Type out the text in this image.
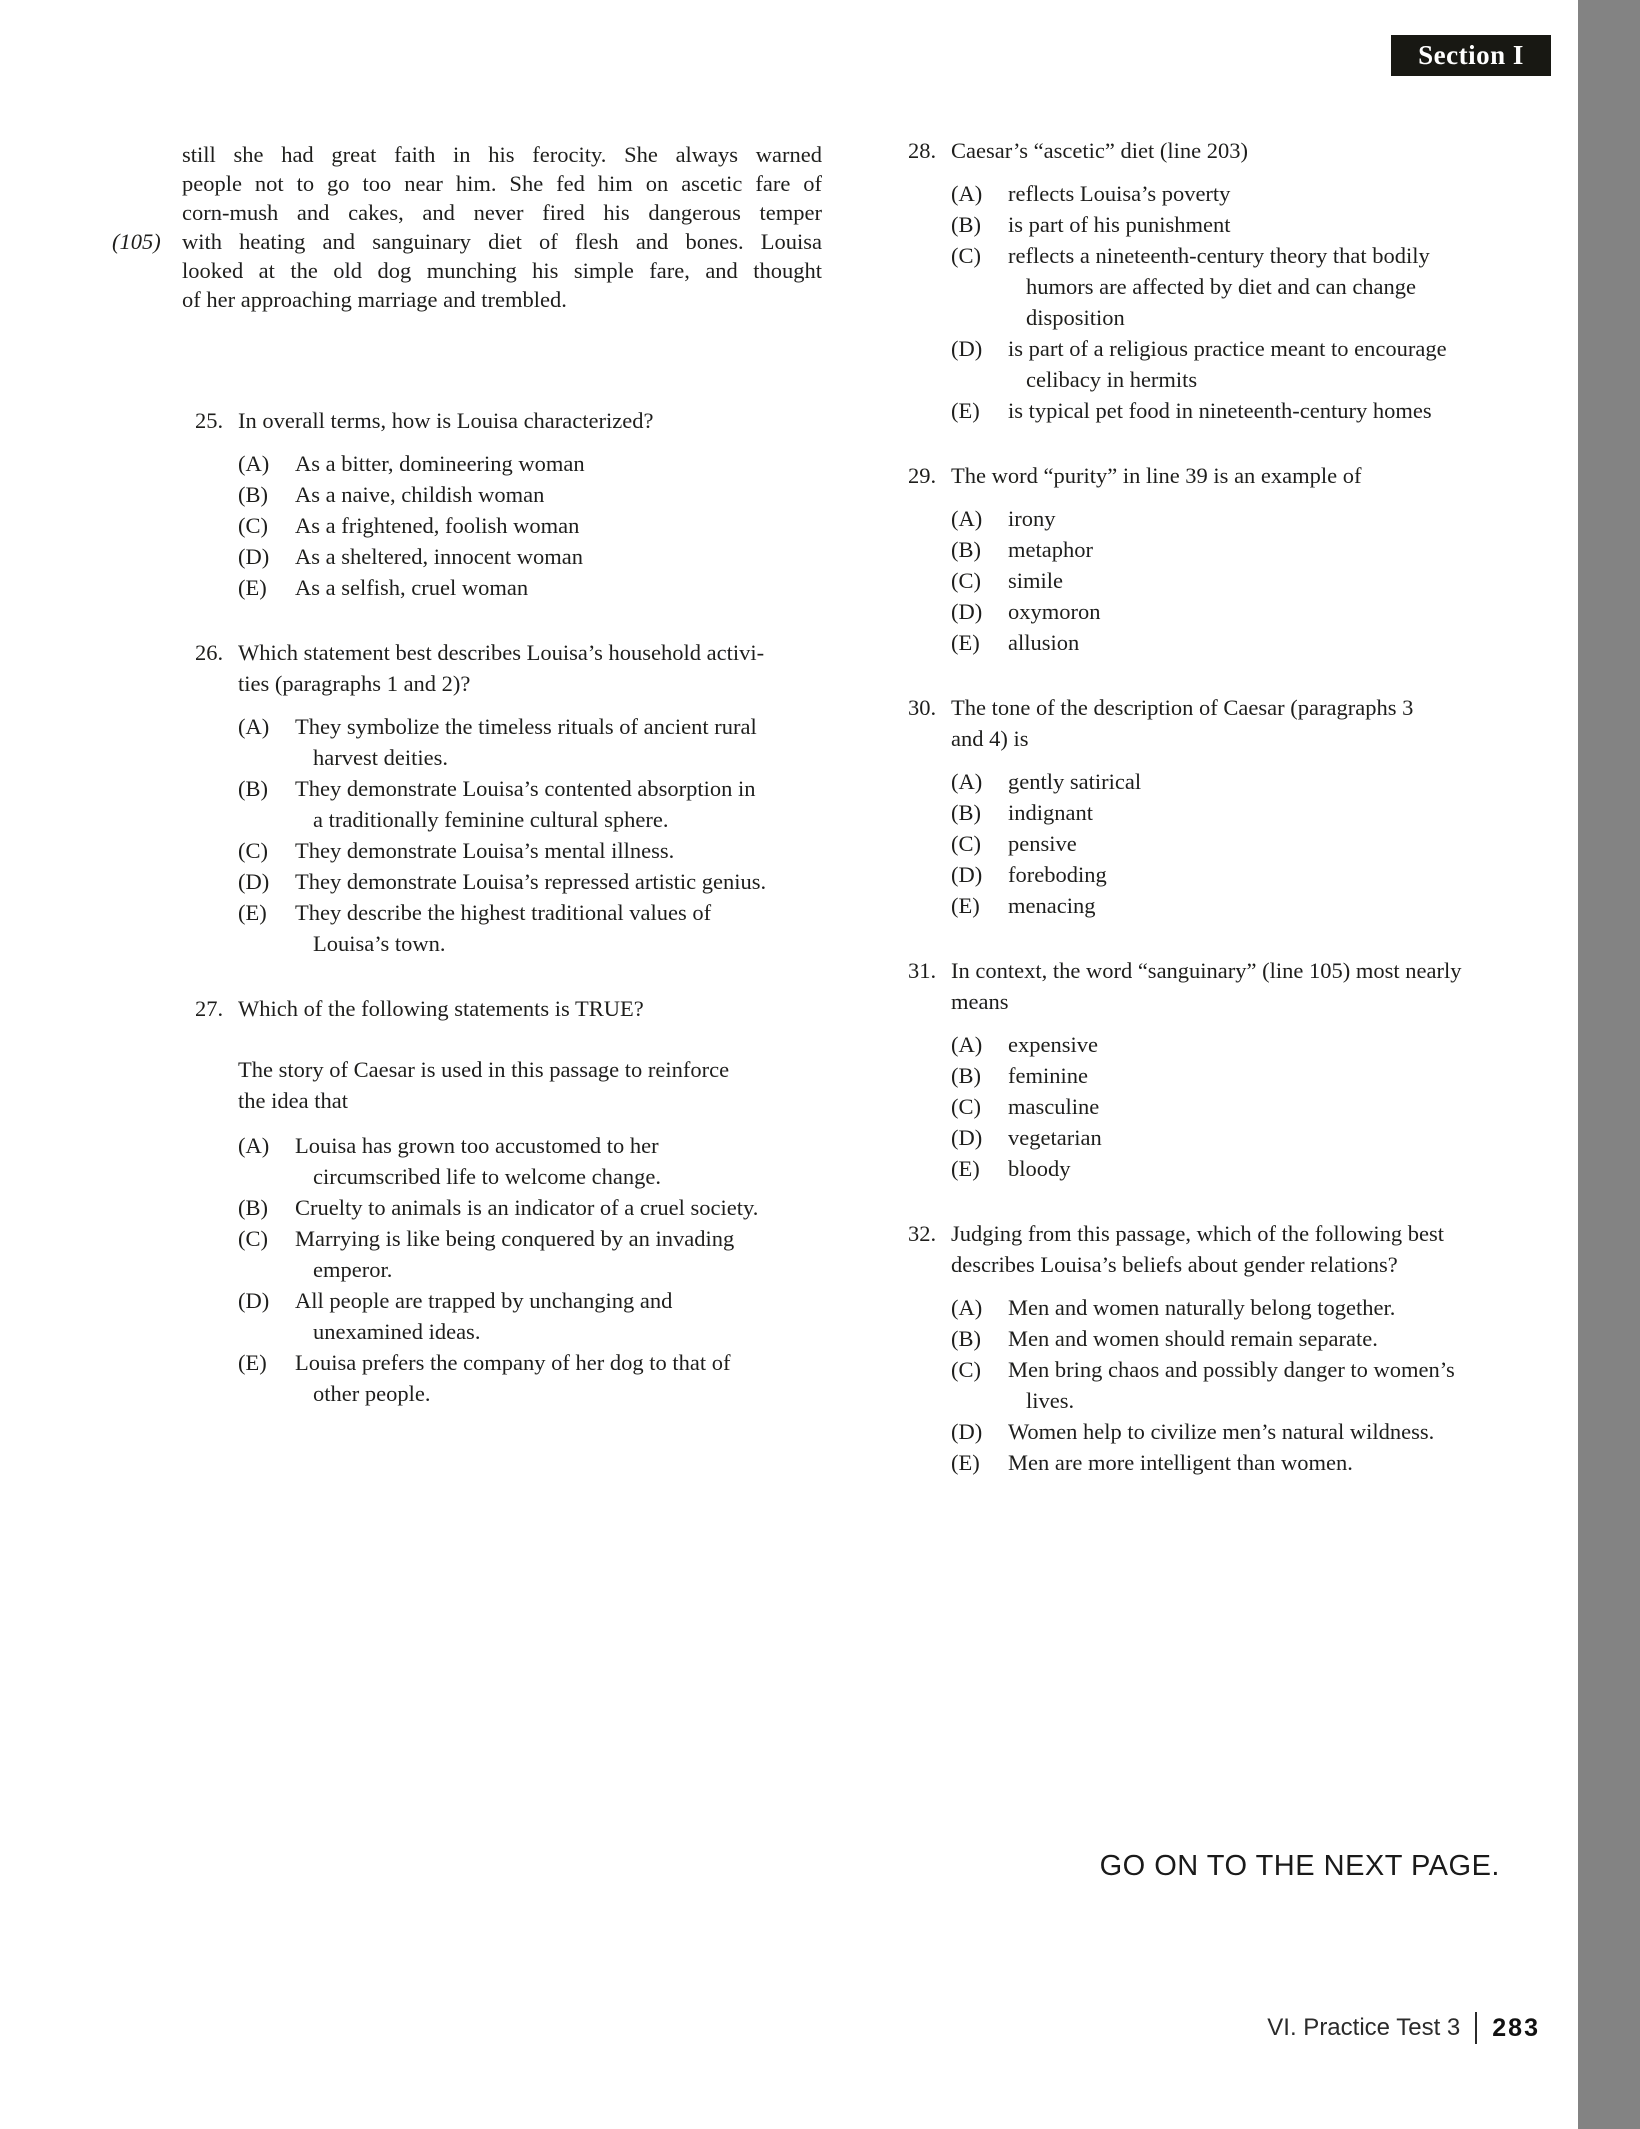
Section I
still she had great faith in his ferocity. She always warned
people not to go too near him. She fed him on ascetic fare of
corn-mush and cakes, and never fired his dangerous temper
(105) with heating and sanguinary diet of flesh and bones. Louisa
looked at the old dog munching his simple fare, and thought
of her approaching marriage and trembled.
25. In overall terms, how is Louisa characterized?
(A)	As a bitter, domineering woman
(B)	As a naive, childish woman
(C)	As a frightened, foolish woman
(D)	As a sheltered, innocent woman
(E)	As a selfish, cruel woman
26. Which statement best describes Louisa’s household activi-
ties (paragraphs 1 and 2)?
(A)	They symbolize the timeless rituals of ancient rural
harvest deities.
(B)	They demonstrate Louisa’s contented absorption in
a traditionally feminine cultural sphere.
(C)	They demonstrate Louisa’s mental illness.
(D)	They demonstrate Louisa’s repressed artistic genius.
(E)	They describe the highest traditional values of
Louisa’s town.
27. Which of the following statements is TRUE?
The story of Caesar is used in this passage to reinforce
the idea that
(A)	Louisa has grown too accustomed to her
circumscribed life to welcome change.
(B)	Cruelty to animals is an indicator of a cruel society.
(C)	Marrying is like being conquered by an invading
emperor.
(D)	All people are trapped by unchanging and
unexamined ideas.
(E)	Louisa prefers the company of her dog to that of
other people.
28. Caesar’s “ascetic” diet (line 203)
(A)	reflects Louisa’s poverty
(B)	is part of his punishment
(C)	reflects a nineteenth-century theory that bodily
humors are affected by diet and can change
disposition
(D)	is part of a religious practice meant to encourage
celibacy in hermits
(E)	is typical pet food in nineteenth-century homes
29. The word “purity” in line 39 is an example of
(A)	irony
(B)	metaphor
(C)	simile
(D)	oxymoron
(E)	allusion
30. The tone of the description of Caesar (paragraphs 3
and 4) is
(A)	gently satirical
(B)	indignant
(C)	pensive
(D)	foreboding
(E)	menacing
31. In context, the word “sanguinary” (line 105) most nearly
means
(A)	expensive
(B)	feminine
(C)	masculine
(D)	vegetarian
(E)	bloody
32. Judging from this passage, which of the following best
describes Louisa’s beliefs about gender relations?
(A)	Men and women naturally belong together.
(B)	Men and women should remain separate.
(C)	Men bring chaos and possibly danger to women’s
lives.
(D)	Women help to civilize men’s natural wildness.
(E)	Men are more intelligent than women.
GO ON TO THE NEXT PAGE.
VI. Practice Test 3 283
